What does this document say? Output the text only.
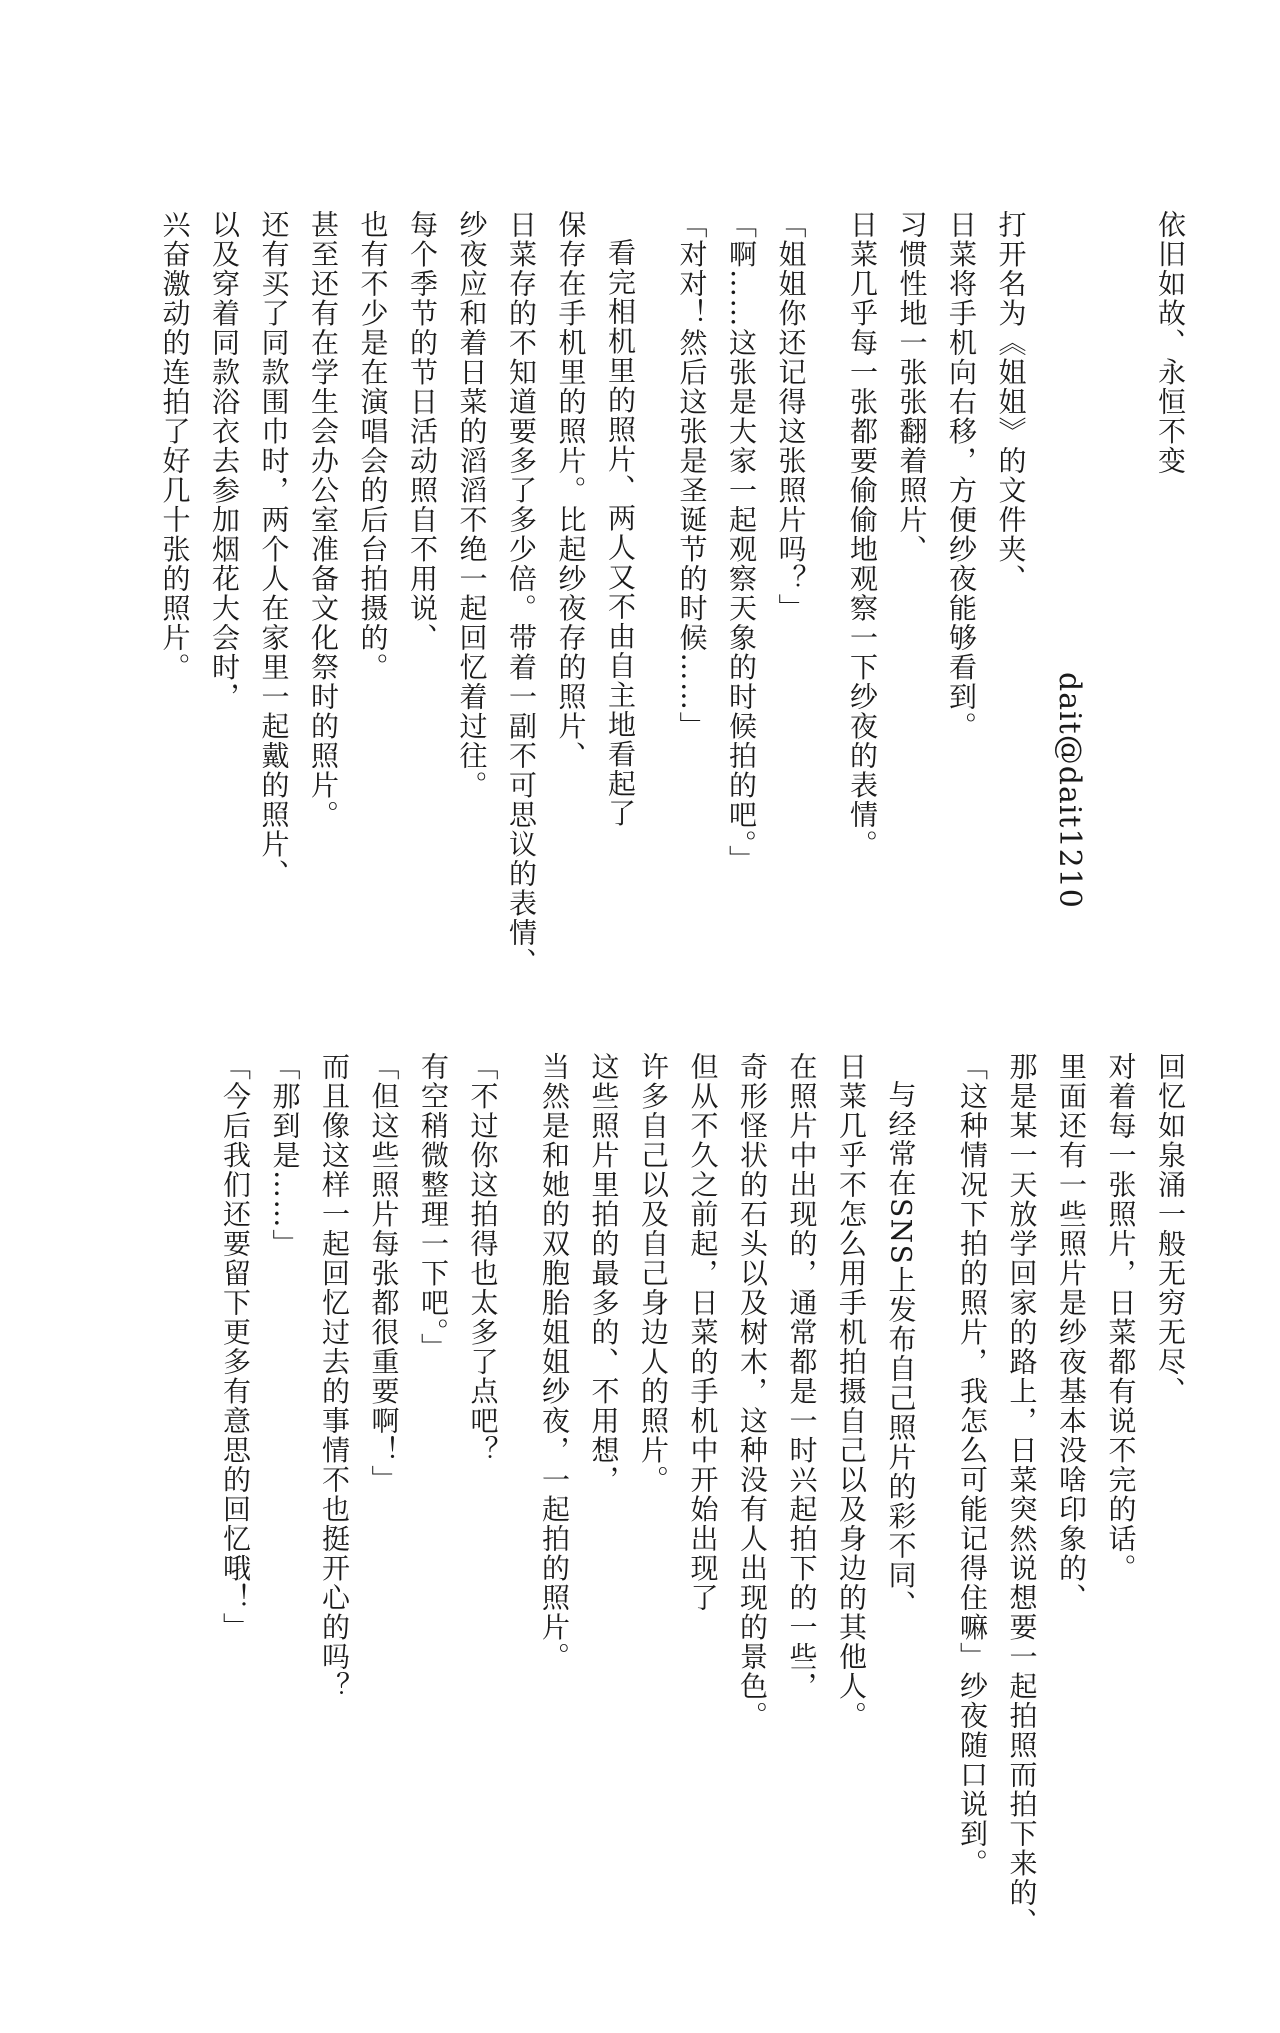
依旧如故、永恒不变
打开名为《姐姐》的文件夹、
日菜将手机向右移，方便纱夜能够看到。
习惯性地一张张翻着照片、
日菜几乎每一张都要偷偷地观察一下纱夜的表情。
「姐姐你还记得这张照片吗？」
「啊……这张是大家一起观察天象的时候拍的吧。」
「对对！然后这张是圣诞节的时候……」
看完相机里的照片、两人又不由自主地看起了
保存在手机里的照片。比起纱夜存的照片、
日菜存的不知道要多了多少倍。带着一副不可思议的表情、
纱夜应和着日菜的滔滔不绝一起回忆着过往。
每个季节的节日活动照自不用说、
也有不少是在演唱会的后台拍摄的。
甚至还有在学生会办公室准备文化祭时的照片。
还有买了同款围巾时，两个人在家里一起戴的照片、
以及穿着同款浴衣去参加烟花大会时，
兴奋激动的连拍了好几十张的照片。
dait@dait1210
回忆如泉涌一般无穷无尽、
对着每一张照片，日菜都有说不完的话。
里面还有一些照片是纱夜基本没啥印象的、
那是某一天放学回家的路上，日菜突然说想要一起拍照而拍下来的、
「这种情况下拍的照片，我怎么可能记得住嘛」纱夜随口说到。
与经常在SNS上发布自己照片的彩不同、
日菜几乎不怎么用手机拍摄自己以及身边的其他人。
在照片中出现的，通常都是一时兴起拍下的一些，
奇形怪状的石头以及树木，这种没有人出现的景色。
但从不久之前起，日菜的手机中开始出现了
许多自己以及自己身边人的照片。
这些照片里拍的最多的、不用想，
当然是和她的双胞胎姐姐纱夜，一起拍的照片。
「不过你这拍得也太多了点吧？
有空稍微整理一下吧。」
「但这些照片每张都很重要啊！」
而且像这样一起回忆过去的事情不也挺开心的吗？
「那到是……」
「今后我们还要留下更多有意思的回忆哦！」
